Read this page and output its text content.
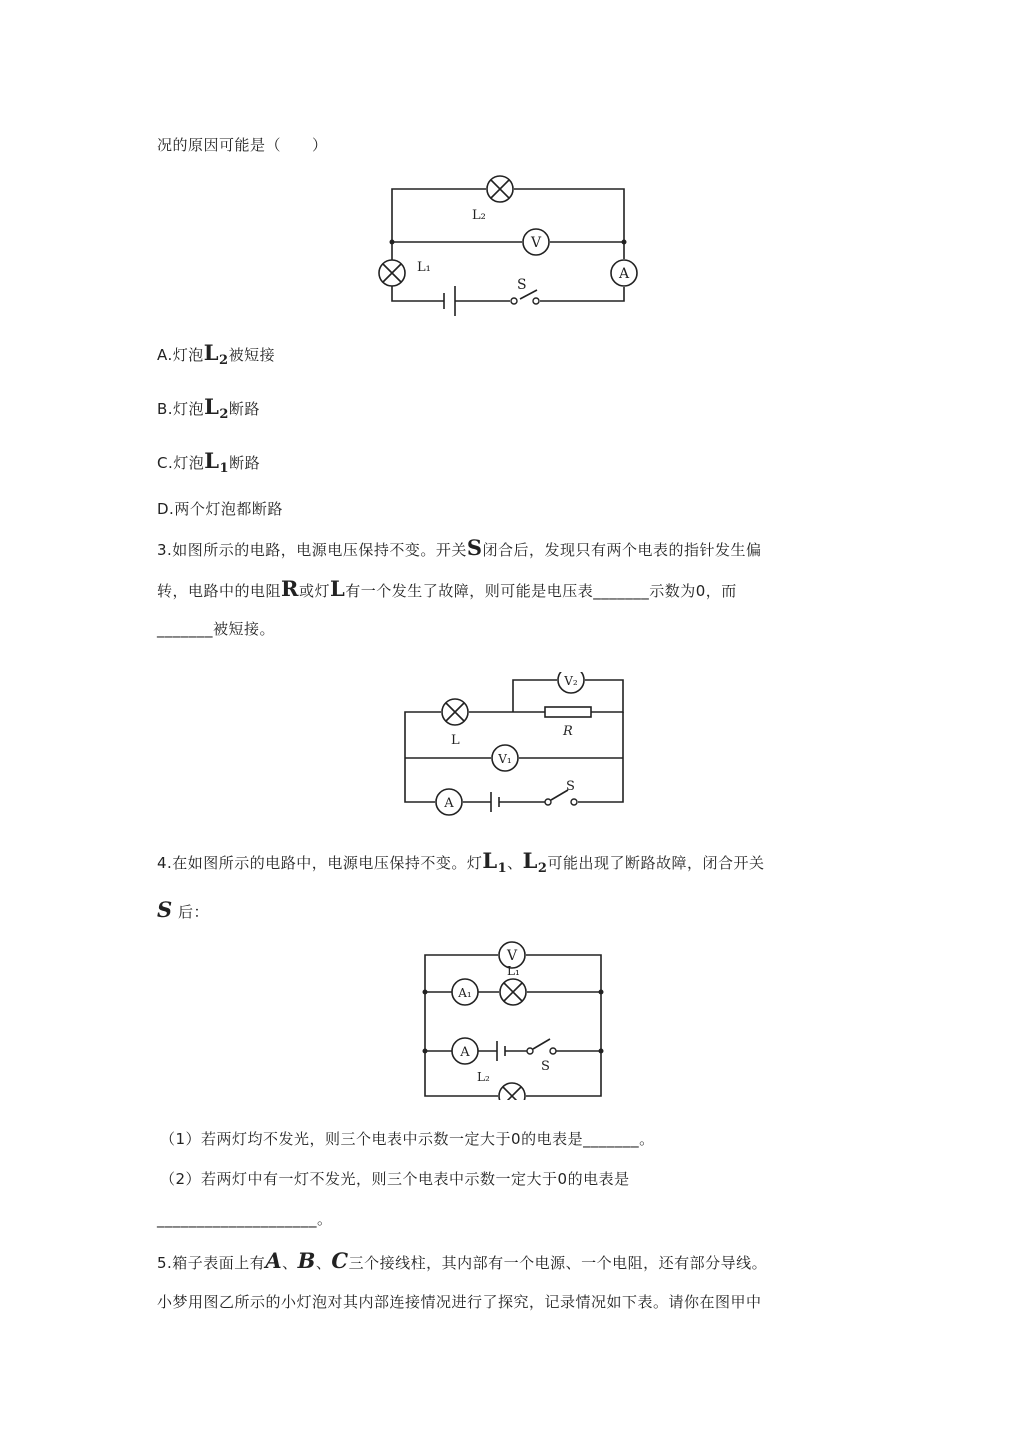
况的原因可能是（　　）
V
A
L₂
L₁
S
A.灯泡$L_2$被短接
B.灯泡$L_2$断路
C.灯泡$L_1$断路
D.两个灯泡都断路
3.如图所示的电路，电源电压保持不变。开关S闭合后，发现只有两个电表的指针发生偏
转，电路中的电阻R或灯L有一个发生了故障，则可能是电压表_______示数为0，而
_______被短接。
V₂
V₁
A
R
L
S
4.在如图所示的电路中，电源电压保持不变。灯$L_1$、$L_2$可能出现了断路故障，闭合开关
S 后：
V
A₁
L₁
A
S
L₂
（1）若两灯均不发光，则三个电表中示数一定大于0的电表是_______。
（2）若两灯中有一灯不发光，则三个电表中示数一定大于0的电表是
____________________。
5.箱子表面上有A、B、C三个接线柱，其内部有一个电源、一个电阻，还有部分导线。
小梦用图乙所示的小灯泡对其内部连接情况进行了探究，记录情况如下表。请你在图甲中
